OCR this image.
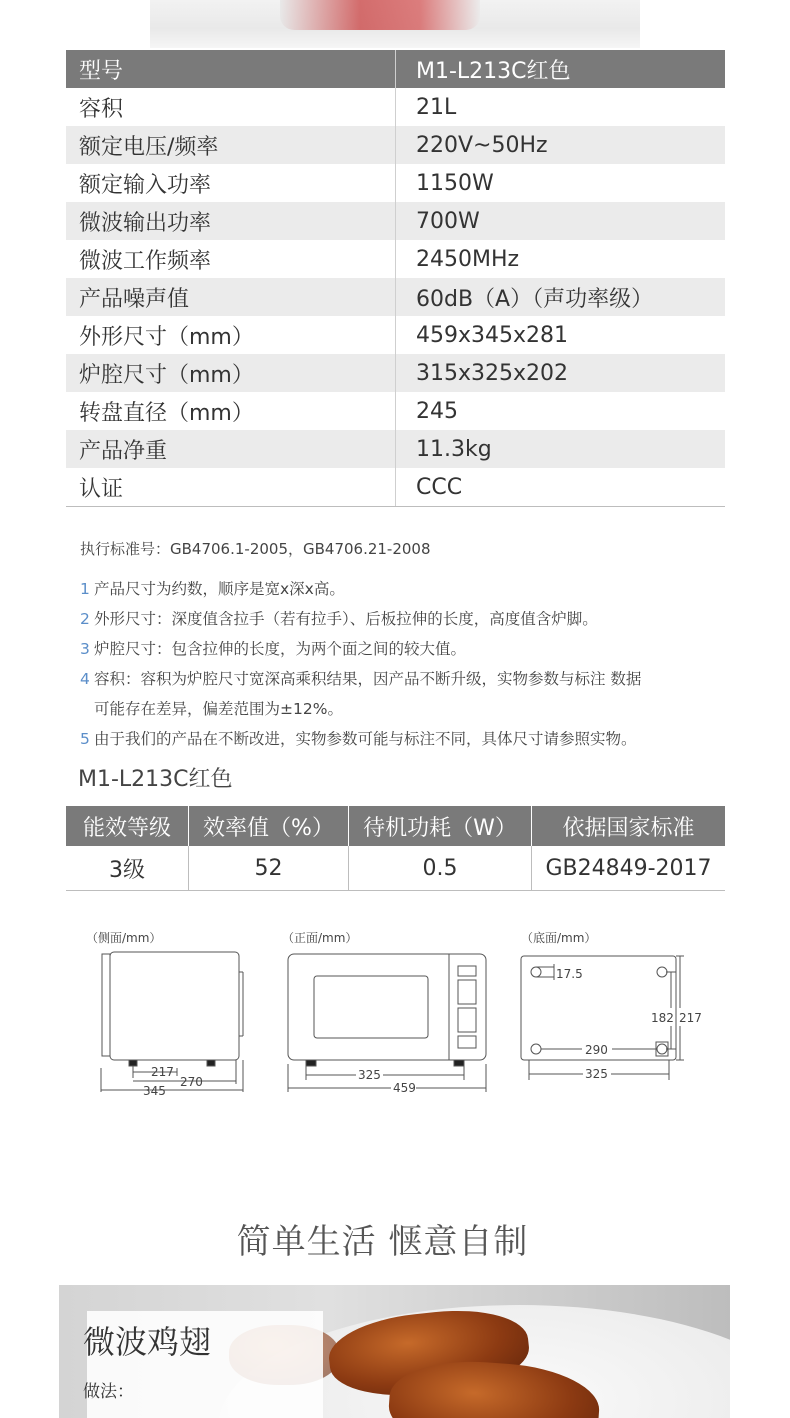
型号	M1-L213C红色
容积	21L
额定电压/频率	220V~50Hz
额定输入功率	1150W
微波输出功率	700W
微波工作频率	2450MHz
产品噪声值	60dB（A）（声功率级）
外形尺寸（mm）	459x345x281
炉腔尺寸（mm）	315x325x202
转盘直径（mm）	245
产品净重	11.3kg
认证	CCC
执行标准号：GB4706.1-2005，GB4706.21-2008
1 产品尺寸为约数，顺序是宽x深x高。
2 外形尺寸：深度值含拉手（若有拉手）、后板拉伸的长度，高度值含炉脚。
3 炉腔尺寸：包含拉伸的长度，为两个面之间的较大值。
4 容积：容积为炉腔尺寸宽深高乘积结果，因产品不断升级，实物参数与标注 数据
可能存在差异，偏差范围为±12%。
5 由于我们的产品在不断改进，实物参数可能与标注不同，具体尺寸请参照实物。
M1-L213C红色
能效等级	效率值（%）	待机功耗（W）	依据国家标准
3级	52	0.5	GB24849-2017
（侧面/mm）	（正面/mm）	（底面/mm）
217
270
345
325
459
17.5
182 217
290
325
简单生活 惬意自制
微波鸡翅
做法：
